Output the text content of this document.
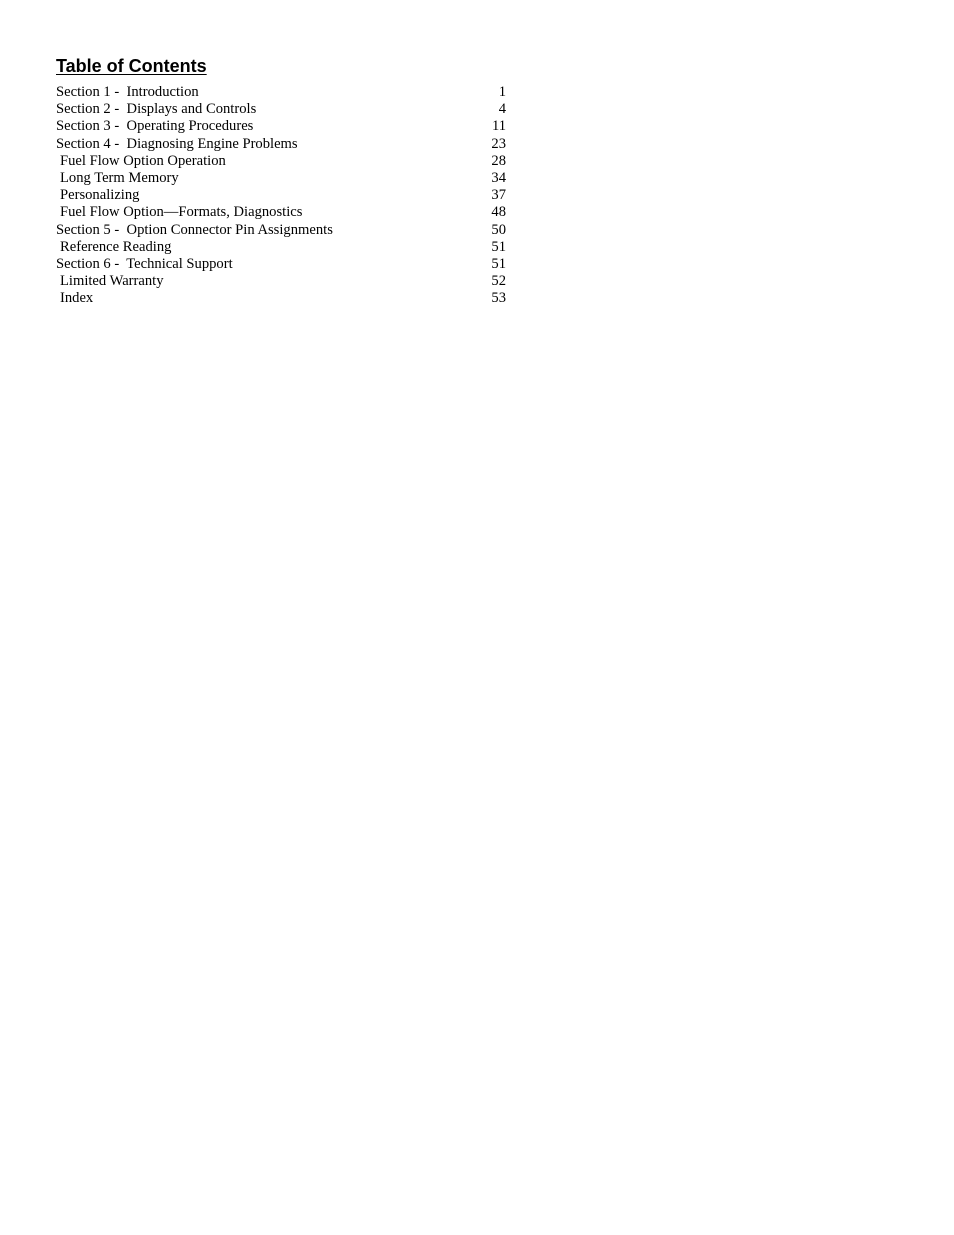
Table of Contents
Section 1 -  Introduction	1
Section 2 -  Displays and Controls	4
Section 3 -  Operating Procedures	11
Section 4 -  Diagnosing Engine Problems	23
Fuel Flow Option Operation	28
Long Term Memory	34
Personalizing	37
Fuel Flow Option—Formats, Diagnostics	48
Section 5 -  Option Connector Pin Assignments	50
Reference Reading	51
Section 6 -  Technical Support	51
Limited Warranty	52
Index	53
